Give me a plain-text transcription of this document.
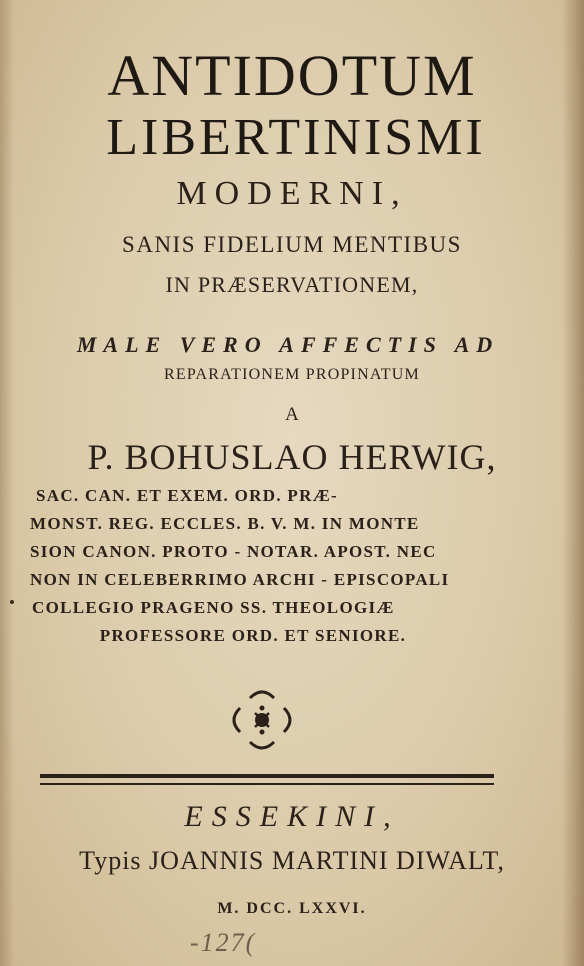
ANTIDOTUM
LIBERTINISMI
MODERNI,
SANIS FIDELIUM MENTIBUS
IN PRÆSERVATIONEM,
MALE VERO AFFECTIS AD
REPARATIONEM PROPINATUM
A
P. BOHUSLAO HERWIG,
SAC. CAN. ET EXEM. ORD. PRÆ-
MONST. REG. ECCLES. B. V. M. IN MONTE
SION CANON. PROTO - NOTAR. APOST. NEC
NON IN CELEBERRIMO ARCHI - EPISCOPALI
COLLEGIO PRAGENO SS. THEOLOGIÆ
PROFESSORE ORD. ET SENIORE.
ESSEKINI,
Typis JOANNIS MARTINI DIWALT,
M. DCC. LXXVI.
-127(
